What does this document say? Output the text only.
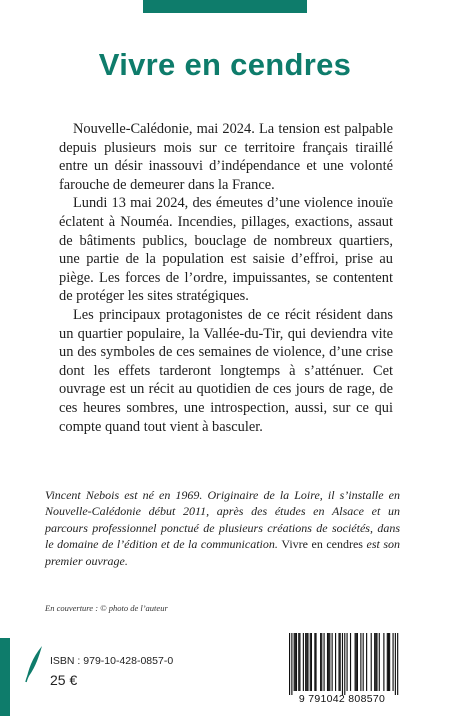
Vivre en cendres

Nouvelle-Calédonie, mai 2024. La tension est palpable depuis plusieurs mois sur ce territoire français tiraillé entre un désir inassouvi d’indépendance et une volonté farouche de demeurer dans la France.

Lundi 13 mai 2024, des émeutes d’une violence inouïe éclatent à Nouméa. Incendies, pillages, exactions, assaut de bâtiments publics, bouclage de nombreux quartiers, une partie de la population est saisie d’effroi, prise au piège. Les forces de l’ordre, impuissantes, se contentent de protéger les sites stratégiques.

Les principaux protagonistes de ce récit résident dans un quartier populaire, la Vallée-du-Tir, qui deviendra vite un des symboles de ces semaines de violence, d’une crise dont les effets tarderont longtemps à s’atténuer. Cet ouvrage est un récit au quotidien de ces jours de rage, de ces heures sombres, une introspection, aussi, sur ce qui compte quand tout vient à basculer.

Vincent Nebois est né en 1969. Originaire de la Loire, il s’installe en Nouvelle-Calédonie début 2011, après des études en Alsace et un parcours professionnel ponctué de plusieurs créations de sociétés, dans le domaine de l’édition et de la communication. Vivre en cendres est son premier ouvrage.
En couverture : © photo de l’auteur
ISBN : 979-10-428-0857-0
25 €
9 791042 808570
